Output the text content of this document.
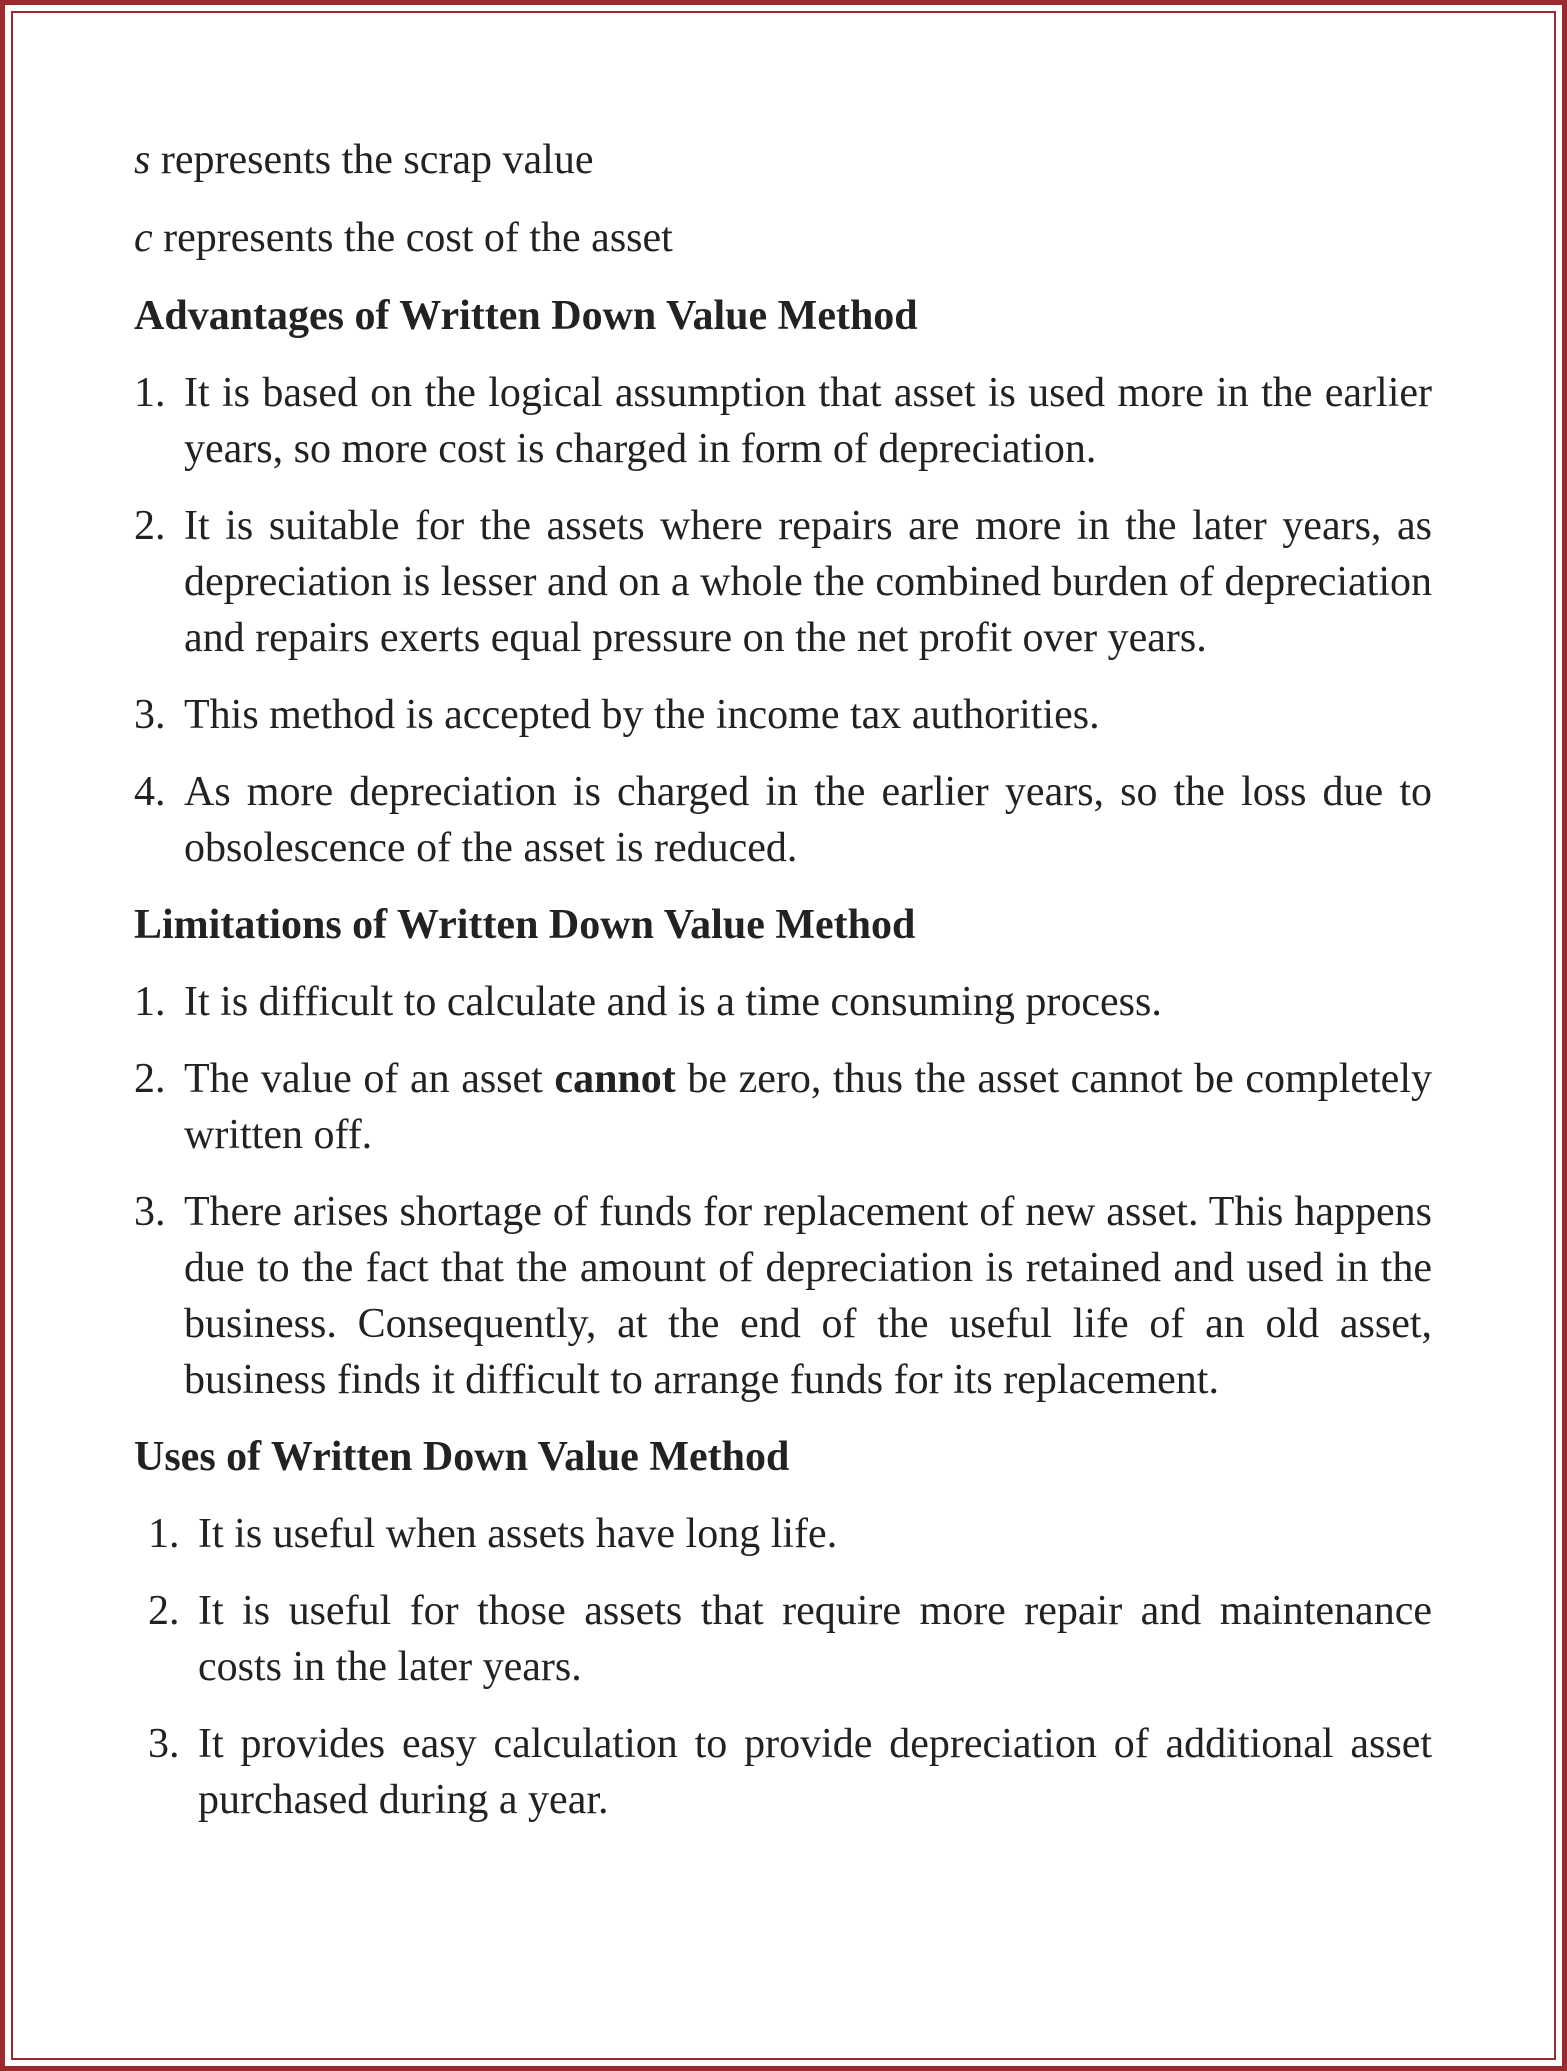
s represents the scrap value

c represents the cost of the asset

Advantages of Written Down Value Method
1. It is based on the logical assumption that asset is used more in the earlier years, so more cost is charged in form of depreciation.
2. It is suitable for the assets where repairs are more in the later years, as depreciation is lesser and on a whole the combined burden of depreciation and repairs exerts equal pressure on the net profit over years.
3. This method is accepted by the income tax authorities.
4. As more depreciation is charged in the earlier years, so the loss due to obsolescence of the asset is reduced.
Limitations of Written Down Value Method
1. It is difficult to calculate and is a time consuming process.
2. The value of an asset cannot be zero, thus the asset cannot be completely written off.
3. There arises shortage of funds for replacement of new asset. This happens due to the fact that the amount of depreciation is retained and used in the business. Consequently, at the end of the useful life of an old asset, business finds it difficult to arrange funds for its replacement.
Uses of Written Down Value Method
1. It is useful when assets have long life.
2. It is useful for those assets that require more repair and maintenance costs in the later years.
3. It provides easy calculation to provide depreciation of additional asset purchased during a year.
